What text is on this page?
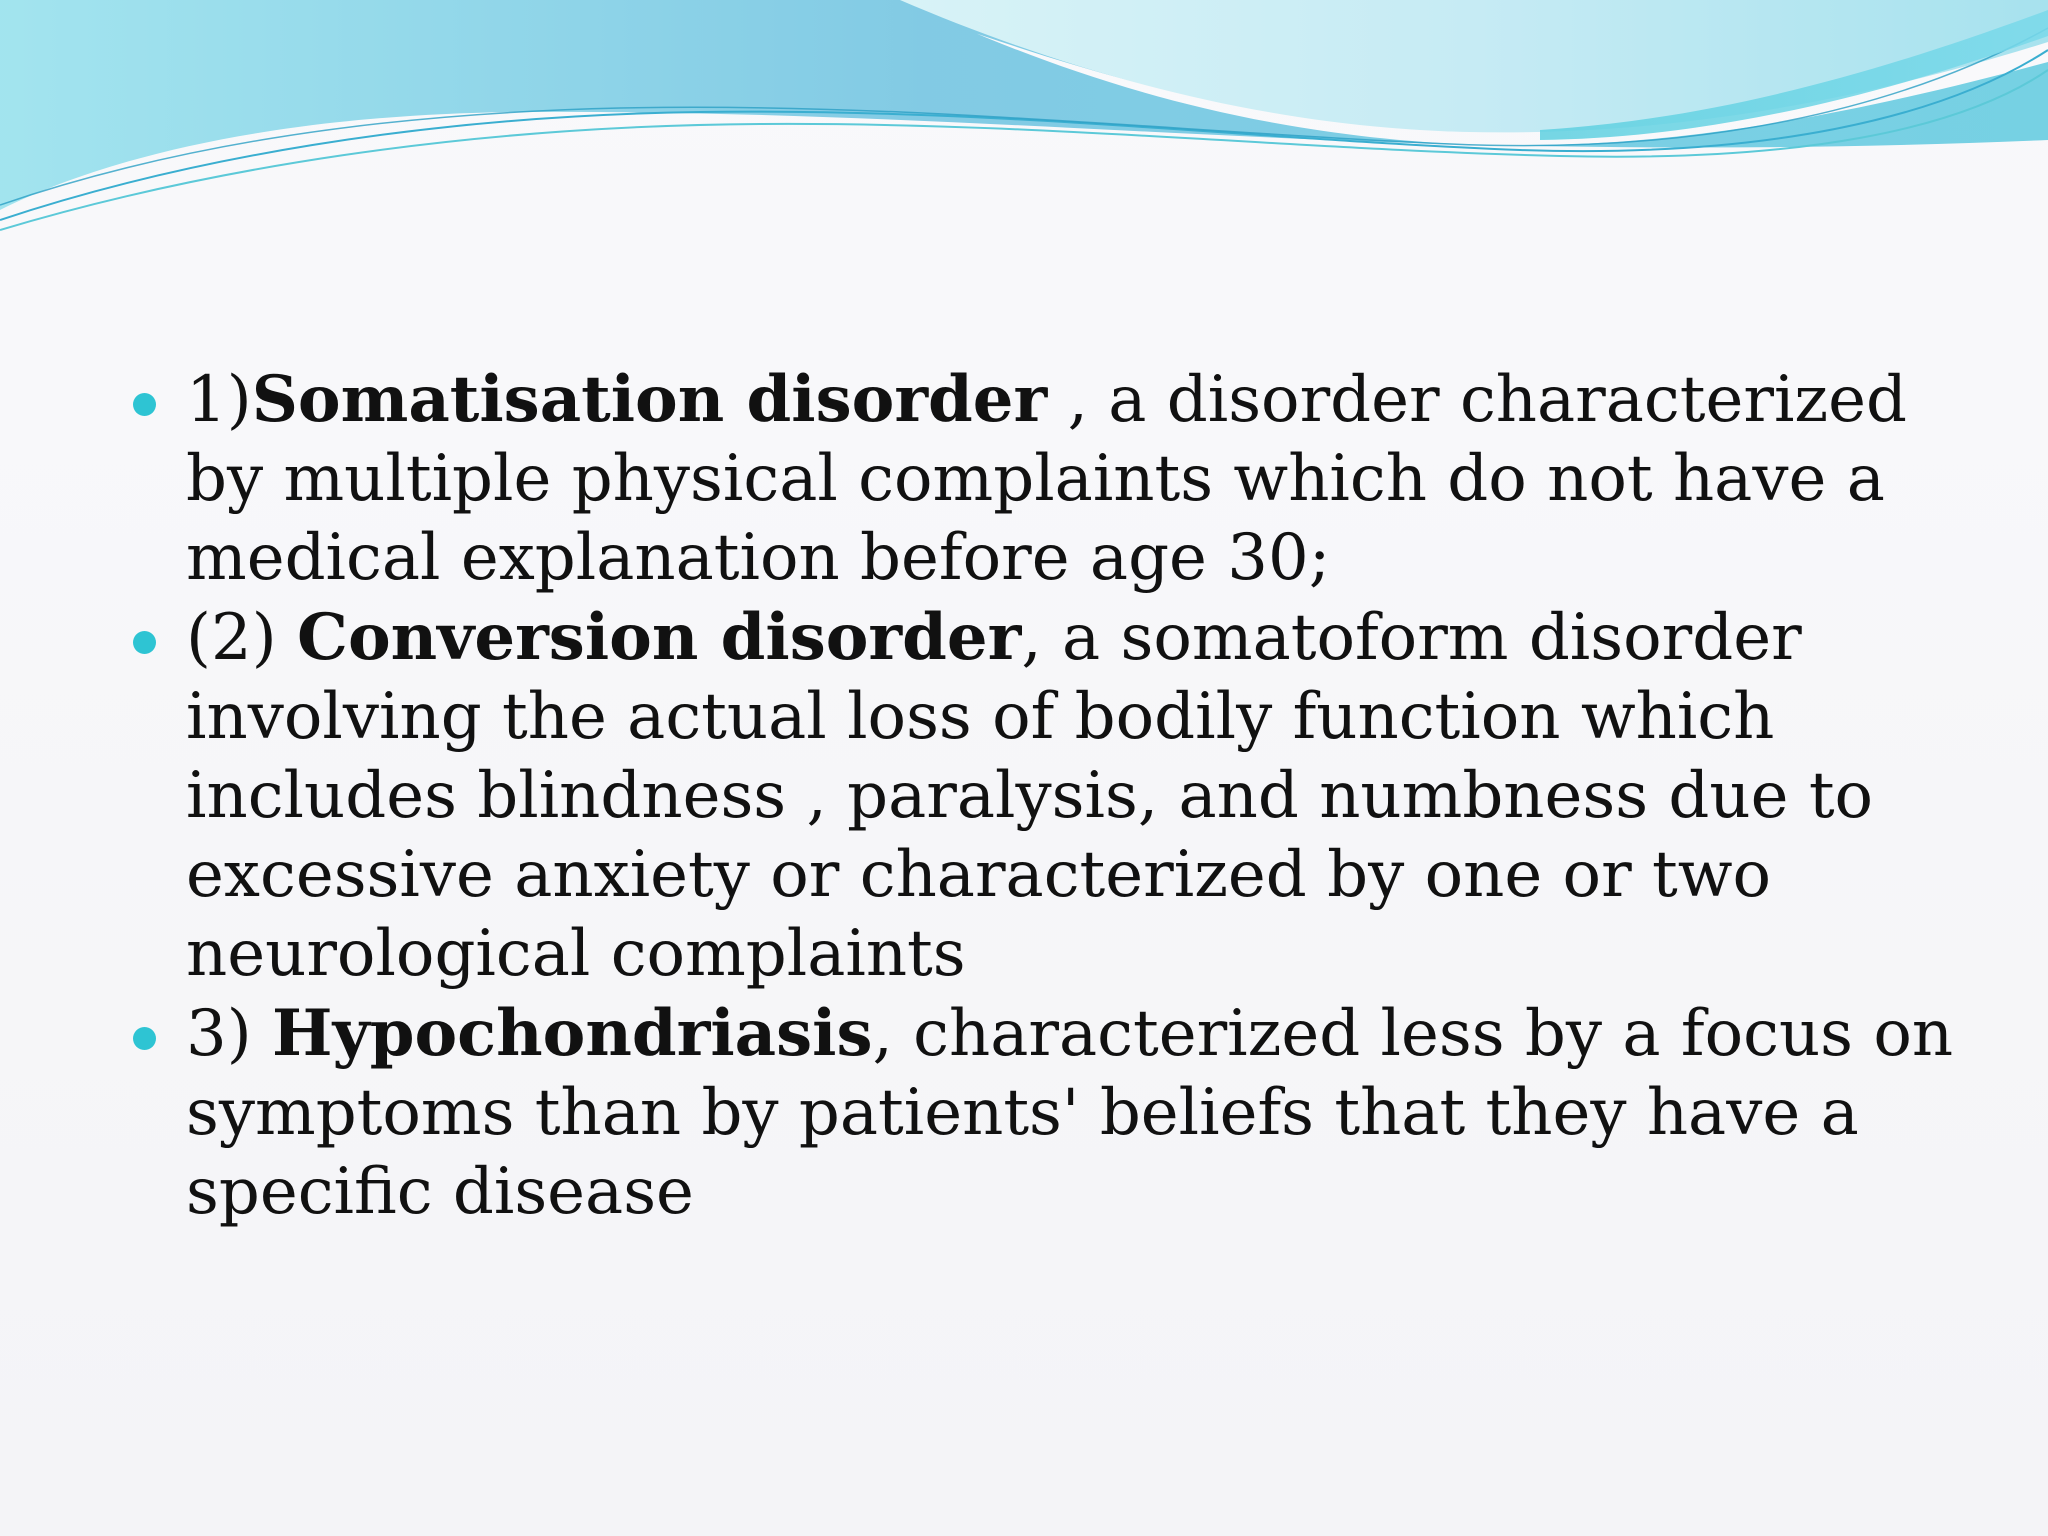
1)Somatisation disorder , a disorder characterized by multiple physical complaints which do not have a medical explanation before age 30;
(2) Conversion disorder, a somatoform disorder involving the actual loss of bodily function which includes blindness , paralysis, and numbness due to excessive anxiety or characterized by one or two neurological complaints
3) Hypochondriasis, characterized less by a focus on symptoms than by patients' beliefs that they have a specific disease
